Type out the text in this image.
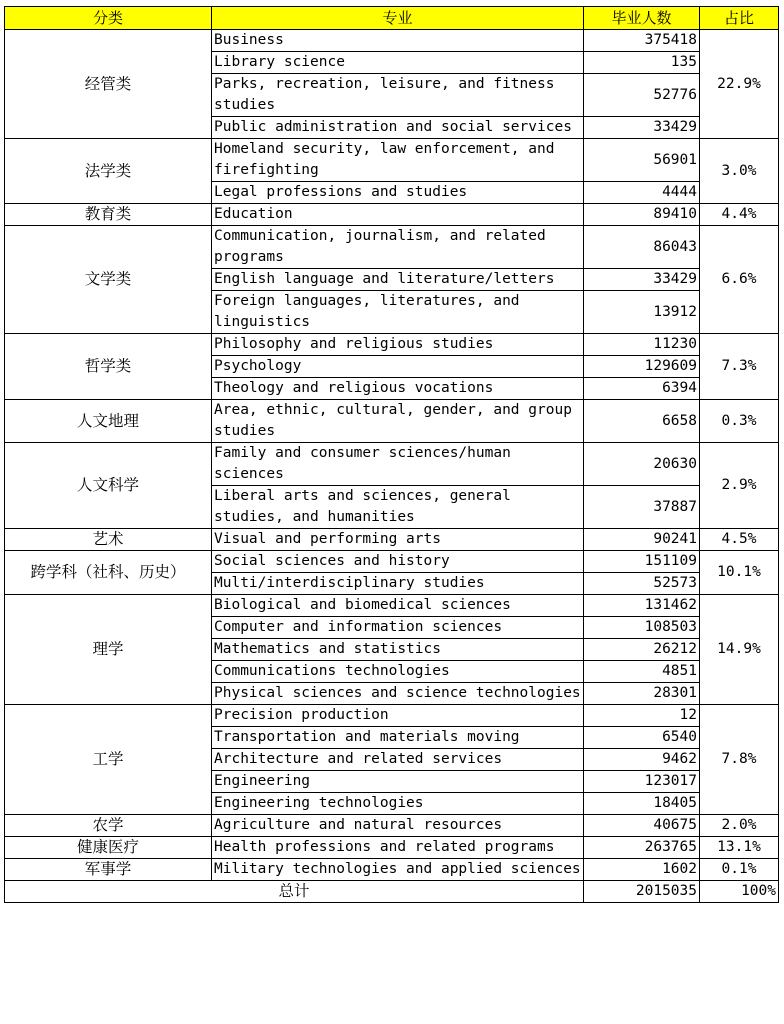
分类	专业	毕业人数	占比
经管类	Business	375418	22.9%
	Library science	135	
	Parks, recreation, leisure, and fitness studies	52776	
	Public administration and social services	33429	
法学类	Homeland security, law enforcement, and firefighting	56901	3.0%
	Legal professions and studies	4444	
教育类	Education	89410	4.4%
文学类	Communication, journalism, and related programs	86043	6.6%
	English language and literature/letters	33429	
	Foreign languages, literatures, and linguistics	13912	
哲学类	Philosophy and religious studies	11230	7.3%
	Psychology	129609	
	Theology and religious vocations	6394	
人文地理	Area, ethnic, cultural, gender, and group studies	6658	0.3%
人文科学	Family and consumer sciences/human sciences	20630	2.9%
	Liberal arts and sciences, general studies, and humanities	37887	
艺术	Visual and performing arts	90241	4.5%
跨学科（社科、历史）	Social sciences and history	151109	10.1%
	Multi/interdisciplinary studies	52573	
理学	Biological and biomedical sciences	131462	14.9%
	Computer and information sciences	108503	
	Mathematics and statistics	26212	
	Communications technologies	4851	
	Physical sciences and science technologies	28301	
工学	Precision production	12	7.8%
	Transportation and materials moving	6540	
	Architecture and related services	9462	
	Engineering	123017	
	Engineering technologies	18405	
农学	Agriculture and natural resources	40675	2.0%
健康医疗	Health professions and related programs	263765	13.1%
军事学	Military technologies and applied sciences	1602	0.1%
总计		2015035	100%
